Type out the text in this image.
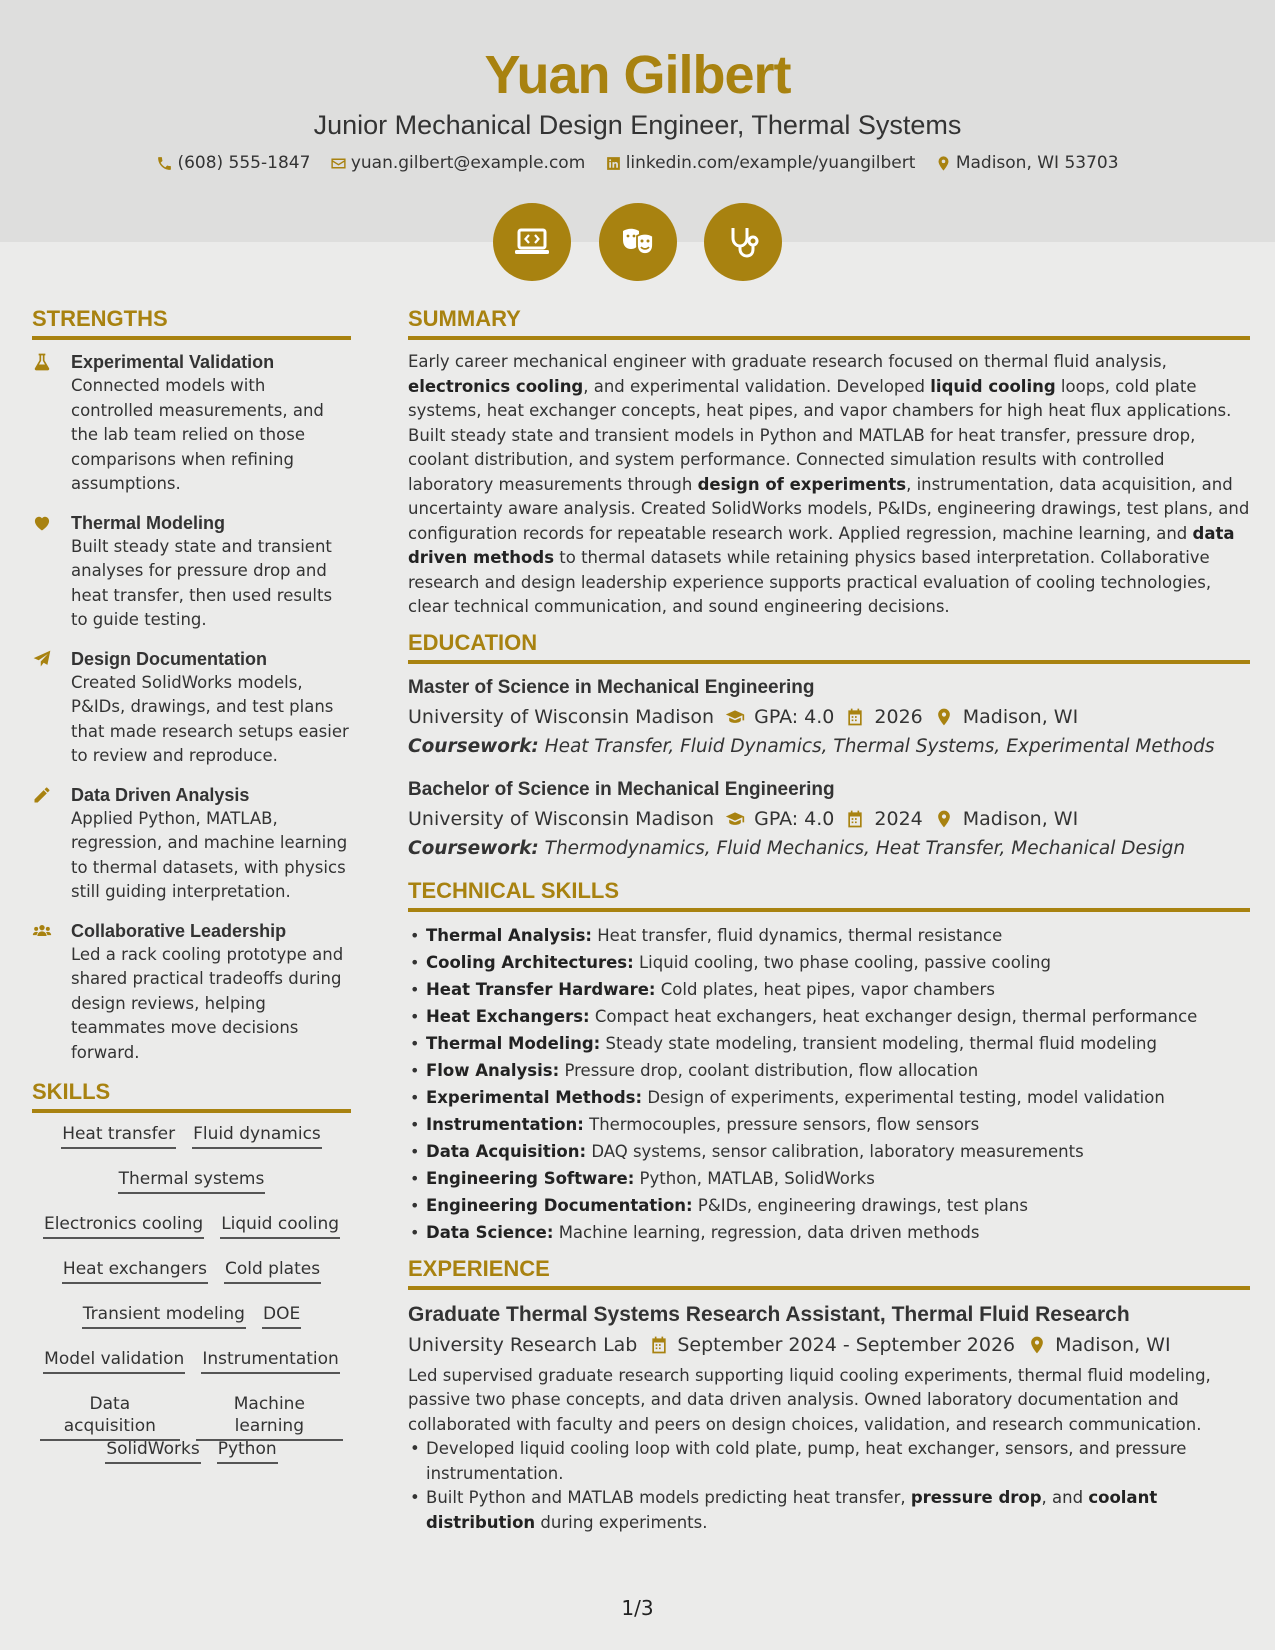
Yuan Gilbert
Junior Mechanical Design Engineer, Thermal Systems
(608) 555-1847
yuan.gilbert@example.com
linkedin.com/example/yuangilbert
Madison, WI 53703

STRENGTHS
Experimental Validation
Connected models with controlled measurements, and the lab team relied on those comparisons when refining assumptions.
Thermal Modeling
Built steady state and transient analyses for pressure drop and heat transfer, then used results to guide testing.
Design Documentation
Created SolidWorks models, P&IDs, drawings, and test plans that made research setups easier to review and reproduce.
Data Driven Analysis
Applied Python, MATLAB, regression, and machine learning to thermal datasets, with physics still guiding interpretation.
Collaborative Leadership
Led a rack cooling prototype and shared practical tradeoffs during design reviews, helping teammates move decisions forward.
SKILLS
Heat transfer Fluid dynamics
Thermal systems
Electronics cooling Liquid cooling
Heat exchangers Cold plates
Transient modeling DOE
Model validation Instrumentation
Data acquisition
Machine learning
SolidWorks Python
SUMMARY
Early career mechanical engineer with graduate research focused on thermal fluid analysis, electronics cooling, and experimental validation. Developed liquid cooling loops, cold plate systems, heat exchanger concepts, heat pipes, and vapor chambers for high heat flux applications. Built steady state and transient models in Python and MATLAB for heat transfer, pressure drop, coolant distribution, and system performance. Connected simulation results with controlled laboratory measurements through design of experiments, instrumentation, data acquisition, and uncertainty aware analysis. Created SolidWorks models, P&IDs, engineering drawings, test plans, and configuration records for repeatable research work. Applied regression, machine learning, and data driven methods to thermal datasets while retaining physics based interpretation. Collaborative research and design leadership experience supports practical evaluation of cooling technologies, clear technical communication, and sound engineering decisions.
EDUCATION
Master of Science in Mechanical Engineering
University of Wisconsin Madison GPA: 4.0 2026 Madison, WI
Coursework: Heat Transfer, Fluid Dynamics, Thermal Systems, Experimental Methods
Bachelor of Science in Mechanical Engineering
University of Wisconsin Madison GPA: 4.0 2024 Madison, WI
Coursework: Thermodynamics, Fluid Mechanics, Heat Transfer, Mechanical Design
TECHNICAL SKILLS
• Thermal Analysis: Heat transfer, fluid dynamics, thermal resistance
• Cooling Architectures: Liquid cooling, two phase cooling, passive cooling
• Heat Transfer Hardware: Cold plates, heat pipes, vapor chambers
• Heat Exchangers: Compact heat exchangers, heat exchanger design, thermal performance
• Thermal Modeling: Steady state modeling, transient modeling, thermal fluid modeling
• Flow Analysis: Pressure drop, coolant distribution, flow allocation
• Experimental Methods: Design of experiments, experimental testing, model validation
• Instrumentation: Thermocouples, pressure sensors, flow sensors
• Data Acquisition: DAQ systems, sensor calibration, laboratory measurements
• Engineering Software: Python, MATLAB, SolidWorks
• Engineering Documentation: P&IDs, engineering drawings, test plans
• Data Science: Machine learning, regression, data driven methods
EXPERIENCE
Graduate Thermal Systems Research Assistant, Thermal Fluid Research
University Research Lab September 2024 - September 2026 Madison, WI
Led supervised graduate research supporting liquid cooling experiments, thermal fluid modeling, passive two phase concepts, and data driven analysis. Owned laboratory documentation and collaborated with faculty and peers on design choices, validation, and research communication.
• Developed liquid cooling loop with cold plate, pump, heat exchanger, sensors, and pressure instrumentation.
• Built Python and MATLAB models predicting heat transfer, pressure drop, and coolant distribution during experiments.
1/3
